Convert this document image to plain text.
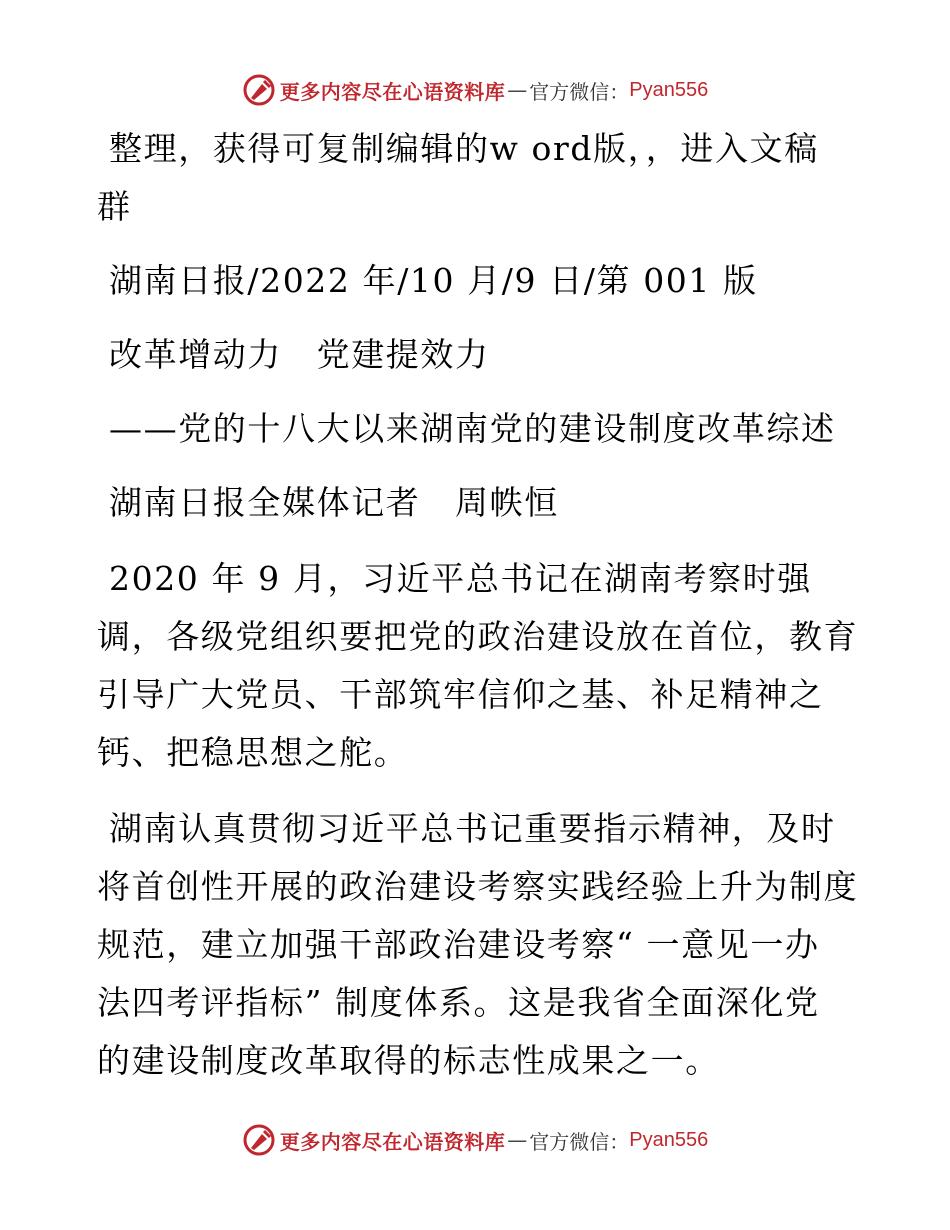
更多内容尽在心语资料库 — 官方微信： Pyan556
整理，获得可复制编辑的w ord版，，进入文稿
群
湖南日报/2022 年/10 月/9 日/第 001 版
改革增动力　党建提效力
——党的十八大以来湖南党的建设制度改革综述
湖南日报全媒体记者　周帙恒
2020 年 9 月，习近平总书记在湖南考察时强
调，各级党组织要把党的政治建设放在首位，教育
引导广大党员、干部筑牢信仰之基、补足精神之
钙、把稳思想之舵。
湖南认真贯彻习近平总书记重要指示精神，及时
将首创性开展的政治建设考察实践经验上升为制度
规范，建立加强干部政治建设考察“ 一意见一办
法四考评指标” 制度体系。这是我省全面深化党
的建设制度改革取得的标志性成果之一。
更多内容尽在心语资料库 — 官方微信： Pyan556
